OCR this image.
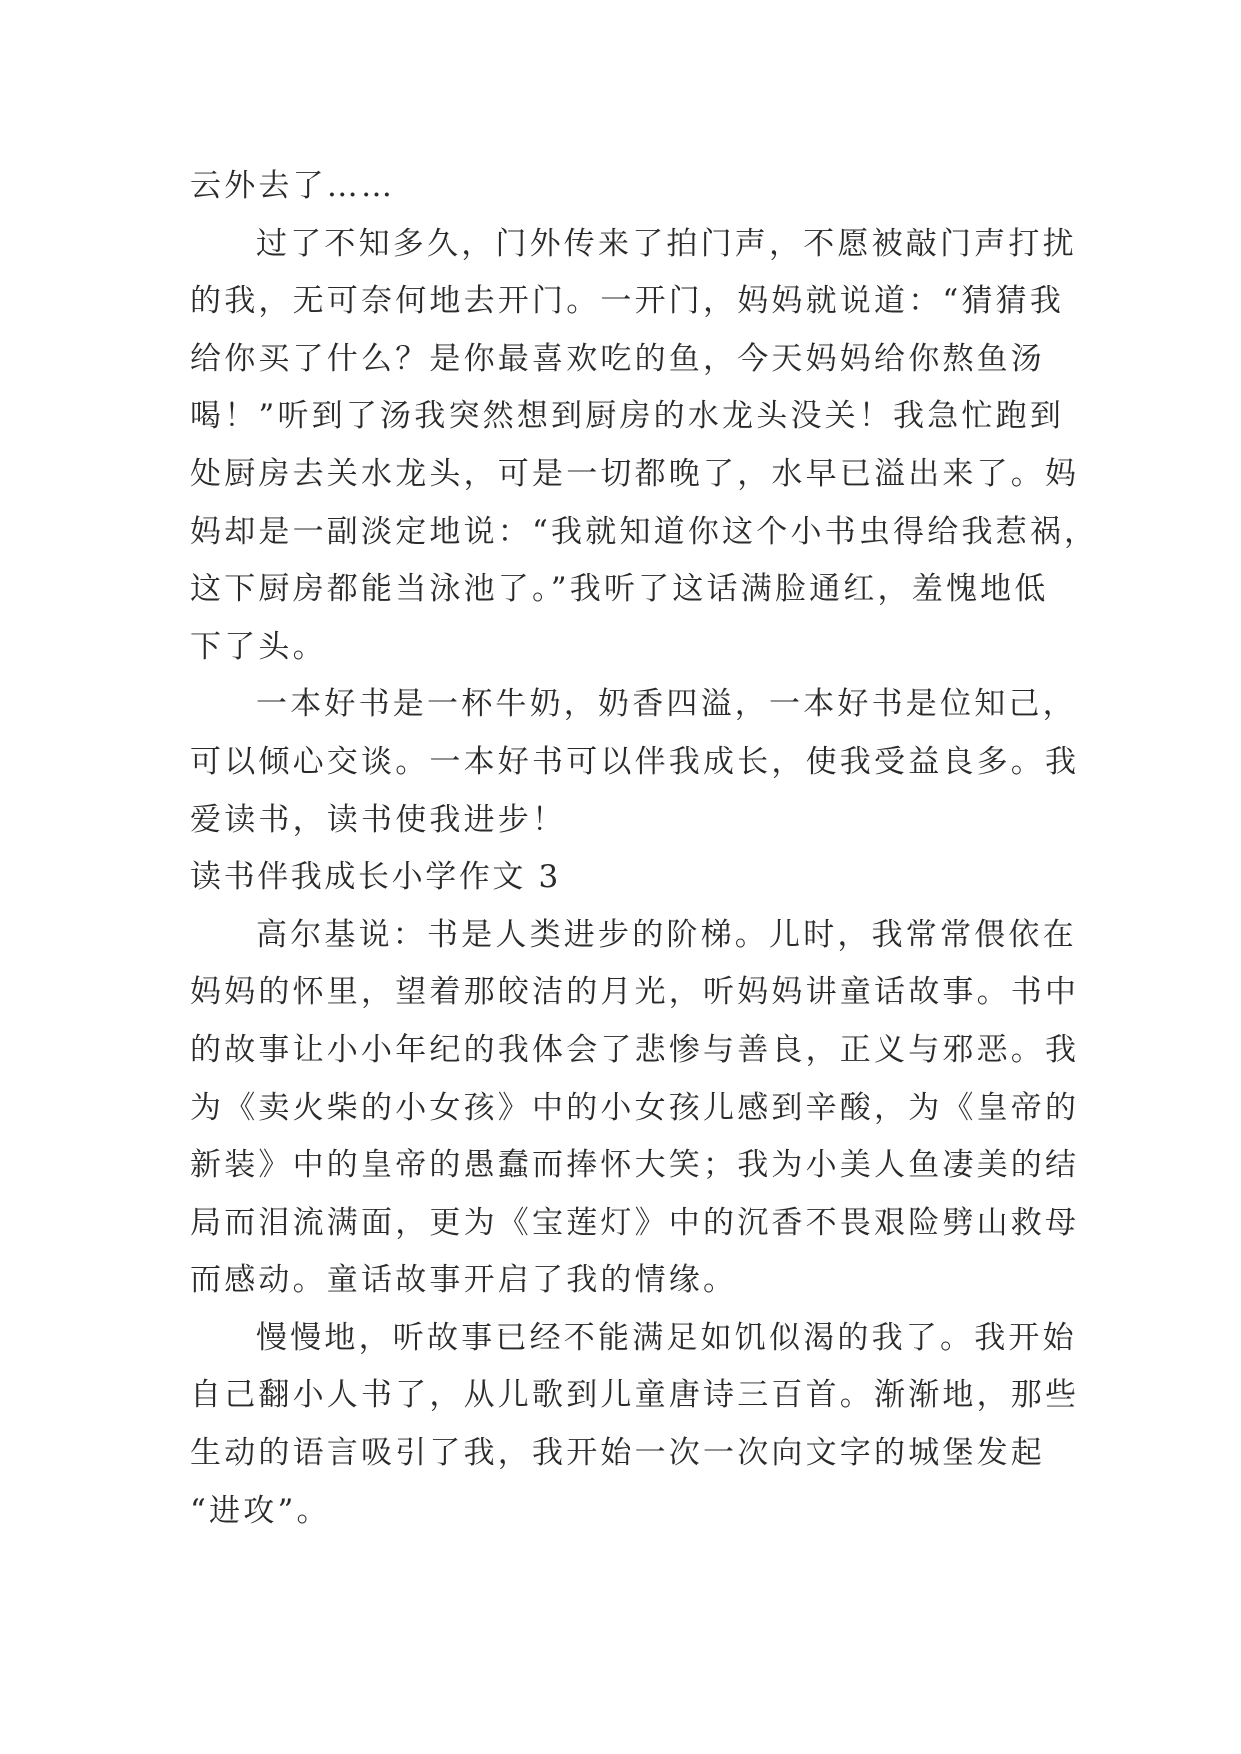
云外去了……
过了不知多久，门外传来了拍门声，不愿被敲门声打扰
的我，无可奈何地去开门。一开门，妈妈就说道：“猜猜我
给你买了什么？是你最喜欢吃的鱼，今天妈妈给你熬鱼汤
喝！”听到了汤我突然想到厨房的水龙头没关！我急忙跑到
处厨房去关水龙头，可是一切都晚了，水早已溢出来了。妈
妈却是一副淡定地说：“我就知道你这个小书虫得给我惹祸，
这下厨房都能当泳池了。”我听了这话满脸通红，羞愧地低
下了头。
一本好书是一杯牛奶，奶香四溢，一本好书是位知己，
可以倾心交谈。一本好书可以伴我成长，使我受益良多。我
爱读书，读书使我进步！
读书伴我成长小学作文 3
高尔基说：书是人类进步的阶梯。儿时，我常常偎依在
妈妈的怀里，望着那皎洁的月光，听妈妈讲童话故事。书中
的故事让小小年纪的我体会了悲惨与善良，正义与邪恶。我
为《卖火柴的小女孩》中的小女孩儿感到辛酸，为《皇帝的
新装》中的皇帝的愚蠢而捧怀大笑；我为小美人鱼凄美的结
局而泪流满面，更为《宝莲灯》中的沉香不畏艰险劈山救母
而感动。童话故事开启了我的情缘。
慢慢地，听故事已经不能满足如饥似渴的我了。我开始
自己翻小人书了，从儿歌到儿童唐诗三百首。渐渐地，那些
生动的语言吸引了我，我开始一次一次向文字的城堡发起
“进攻”。
